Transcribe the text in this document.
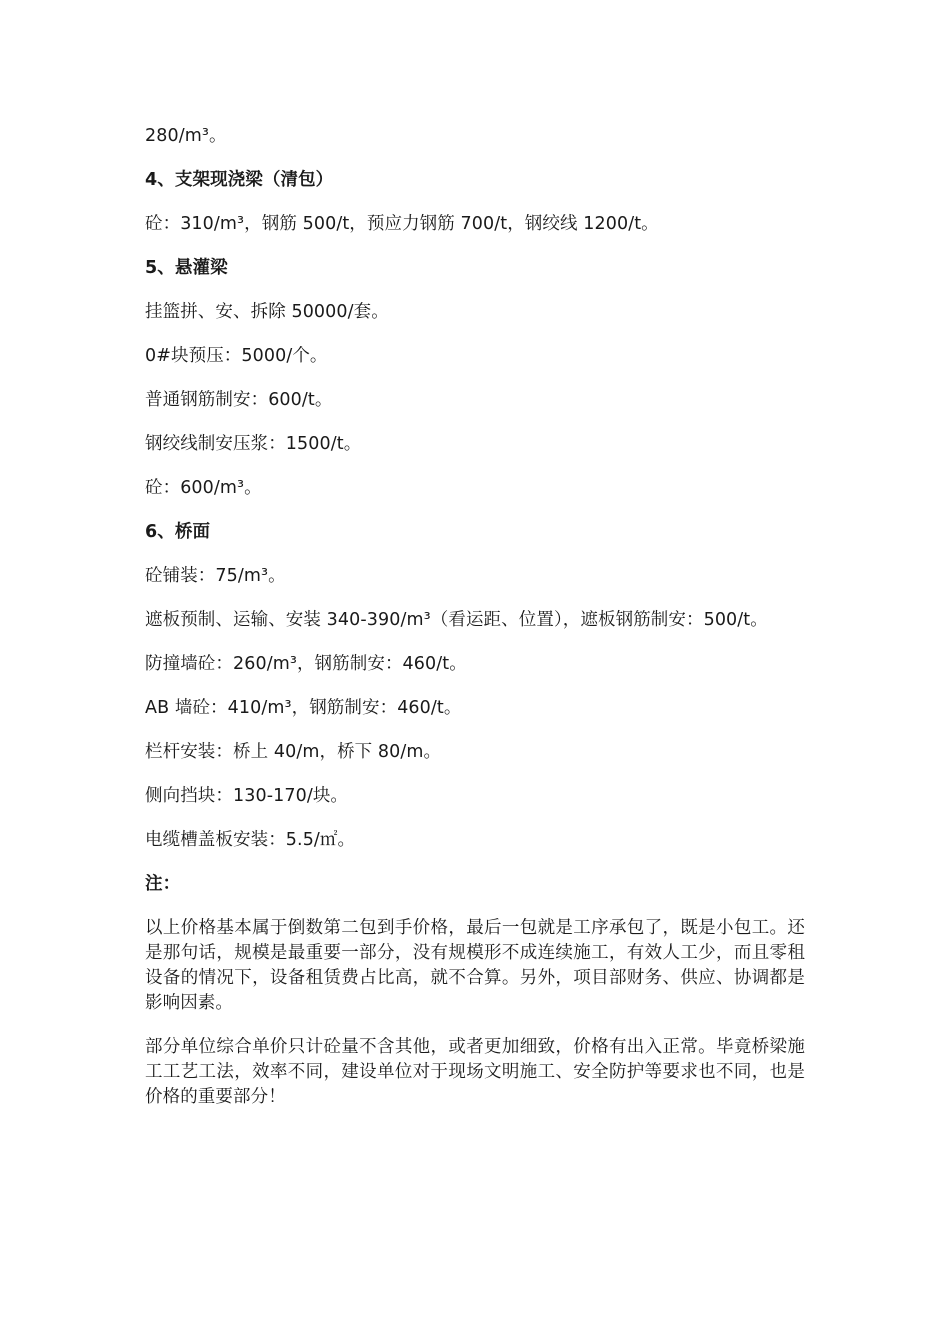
280/m³。

4、支架现浇梁（清包）

砼：310/m³，钢筋 500/t，预应力钢筋 700/t，钢绞线 1200/t。

5、悬灌梁

挂篮拼、安、拆除 50000/套。

0#块预压：5000/个。

普通钢筋制安：600/t。

钢绞线制安压浆：1500/t。

砼：600/m³。

6、桥面

砼铺装：75/m³。

遮板预制、运输、安装 340-390/m³（看运距、位置），遮板钢筋制安：500/t。

防撞墙砼：260/m³，钢筋制安：460/t。

AB 墙砼：410/m³，钢筋制安：460/t。

栏杆安装：桥上 40/m，桥下 80/m。

侧向挡块：130-170/块。

电缆槽盖板安装：5.5/㎡。

注：

以上价格基本属于倒数第二包到手价格，最后一包就是工序承包了，既是小包工。还是那句话，规模是最重要一部分，没有规模形不成连续施工，有效人工少，而且零租设备的情况下，设备租赁费占比高，就不合算。另外，项目部财务、供应、协调都是影响因素。

部分单位综合单价只计砼量不含其他，或者更加细致，价格有出入正常。毕竟桥梁施工工艺工法，效率不同，建设单位对于现场文明施工、安全防护等要求也不同，也是价格的重要部分！
